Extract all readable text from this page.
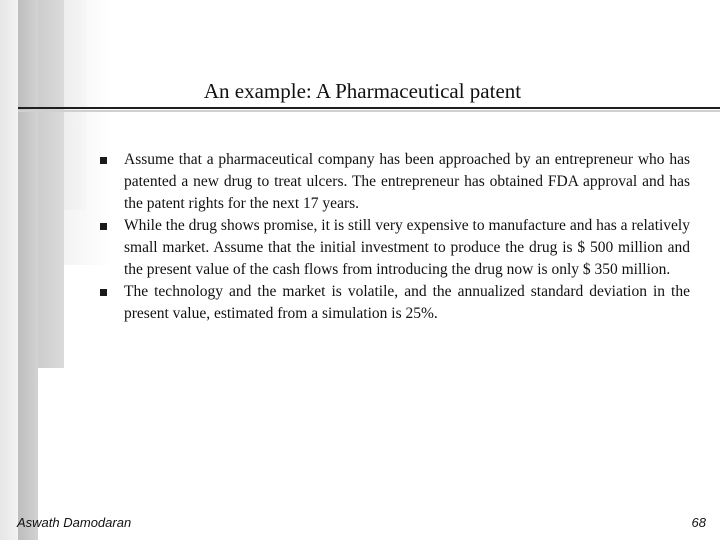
An example: A Pharmaceutical patent
Assume that a pharmaceutical company has been approached by an entrepreneur who has patented a new drug to treat ulcers. The entrepreneur has obtained FDA approval and has the patent rights for the next 17 years.
While the drug shows promise, it is still very expensive to manufacture and has a relatively small market. Assume that the initial investment to produce the drug is $ 500 million and the present value of the cash flows from introducing the drug now is only $ 350 million.
The technology and the market is volatile, and the annualized standard deviation in the present value, estimated from a simulation is 25%.
Aswath Damodaran	68
